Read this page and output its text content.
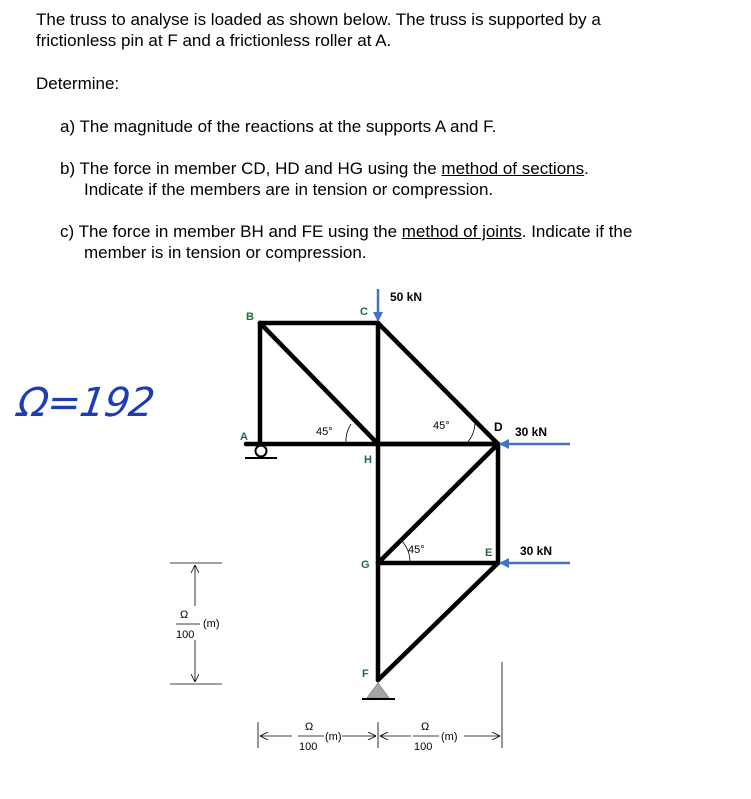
The truss to analyse is loaded as shown below. The truss is supported by a
frictionless pin at F and a frictionless roller at A.
Determine:
a) The magnitude of the reactions at the supports A and F.
b) The force in member CD, HD and HG using the method of sections.
Indicate if the members are in tension or compression.
c) The force in member BH and FE using the method of joints. Indicate if the
member is in tension or compression.
Ω=192
A
B	C
D
E
F
G
H
50 kN
30 kN
30 kN
45°	45°
45°
Ω
100
(m)
Ω
100
(m)
Ω
100
(m)
